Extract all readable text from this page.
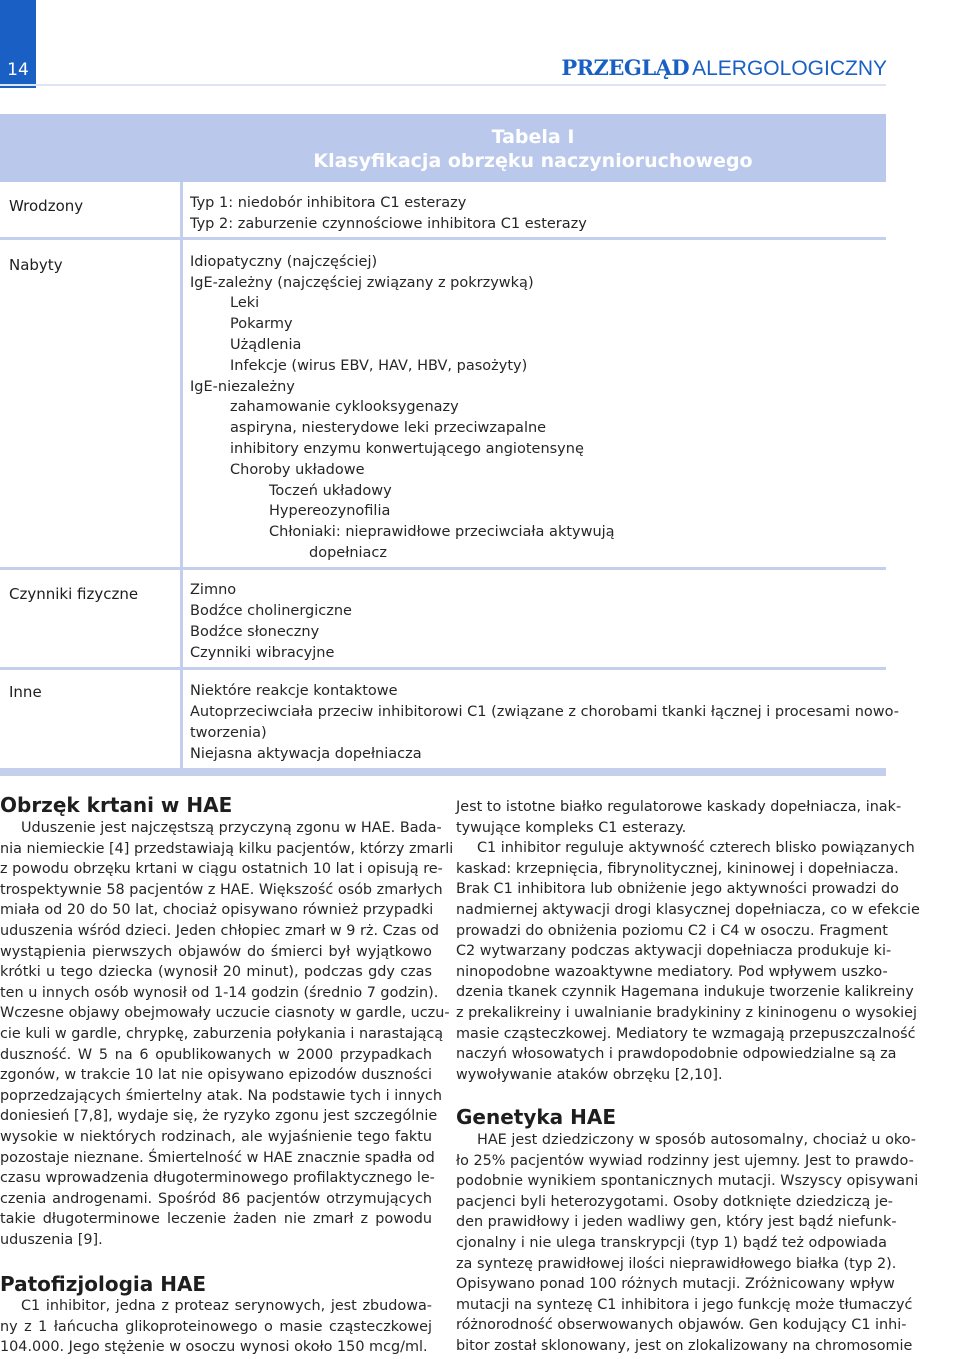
14	PRZEGLĄD ALERGOLOGICZNY
Tabela I
Klasyfikacja obrzęku naczynioruchowego
Wrodzony	Typ 1: niedobór inhibitora C1 esterazy
Typ 2: zaburzenie czynnościowe inhibitora C1 esterazy
Nabyty	Idiopatyczny (najczęściej)
IgE-zależny (najczęściej związany z pokrzywką)
Leki
Pokarmy
Użądlenia
Infekcje (wirus EBV, HAV, HBV, pasożyty)
IgE-niezależny
zahamowanie cyklooksygenazy
aspiryna, niesterydowe leki przeciwzapalne
inhibitory enzymu konwertującego angiotensynę
Choroby układowe
Toczeń układowy
Hypereozynofilia
Chłoniaki: nieprawidłowe przeciwciała aktywują
dopełniacz
Czynniki fizyczne	Zimno
Bodźce cholinergiczne
Bodźce słoneczny
Czynniki wibracyjne
Inne	Niektóre reakcje kontaktowe
Autoprzeciwciała przeciw inhibitorowi C1 (związane z chorobami tkanki łącznej i procesami nowo-
tworzenia)
Niejasna aktywacja dopełniacza
Obrzęk krtani w HAE
Uduszenie jest najczęstszą przyczyną zgonu w HAE. Bada-
nia niemieckie [4] przedstawiają kilku pacjentów, którzy zmarli
z powodu obrzęku krtani w ciągu ostatnich 10 lat i opisują re-
trospektywnie 58 pacjentów z HAE. Większość osób zmarłych
miała od 20 do 50 lat, chociaż opisywano również przypadki
uduszenia wśród dzieci. Jeden chłopiec zmarł w 9 rż. Czas od
wystąpienia pierwszych objawów do śmierci był wyjątkowo
krótki u tego dziecka (wynosił 20 minut), podczas gdy czas
ten u innych osób wynosił od 1-14 godzin (średnio 7 godzin).
Wczesne objawy obejmowały uczucie ciasnoty w gardle, uczu-
cie kuli w gardle, chrypkę, zaburzenia połykania i narastającą
duszność. W 5 na 6 opublikowanych w 2000 przypadkach
zgonów, w trakcie 10 lat nie opisywano epizodów duszności
poprzedzających śmiertelny atak. Na podstawie tych i innych
doniesień [7,8], wydaje się, że ryzyko zgonu jest szczególnie
wysokie w niektórych rodzinach, ale wyjaśnienie tego faktu
pozostaje nieznane. Śmiertelność w HAE znacznie spadła od
czasu wprowadzenia długoterminowego profilaktycznego le-
czenia androgenami. Spośród 86 pacjentów otrzymujących
takie długoterminowe leczenie żaden nie zmarł z powodu
uduszenia [9].
Patofizjologia HAE
C1 inhibitor, jedna z proteaz serynowych, jest zbudowa-
ny z 1 łańcucha glikoproteinowego o masie cząsteczkowej
104.000. Jego stężenie w osoczu wynosi około 150 mcg/ml.
Jest to istotne białko regulatorowe kaskady dopełniacza, inak-
tywujące kompleks C1 esterazy.
C1 inhibitor reguluje aktywność czterech blisko powiązanych
kaskad: krzepnięcia, fibrynolitycznej, kininowej i dopełniacza.
Brak C1 inhibitora lub obniżenie jego aktywności prowadzi do
nadmiernej aktywacji drogi klasycznej dopełniacza, co w efekcie
prowadzi do obniżenia poziomu C2 i C4 w osoczu. Fragment
C2 wytwarzany podczas aktywacji dopełniacza produkuje ki-
ninopodobne wazoaktywne mediatory. Pod wpływem uszko-
dzenia tkanek czynnik Hagemana indukuje tworzenie kalikreiny
z prekalikreiny i uwalnianie bradykininy z kininogenu o wysokiej
masie cząsteczkowej. Mediatory te wzmagają przepuszczalność
naczyń włosowatych i prawdopodobnie odpowiedzialne są za
wywoływanie ataków obrzęku [2,10].
Genetyka HAE
HAE jest dziedziczony w sposób autosomalny, chociaż u oko-
ło 25% pacjentów wywiad rodzinny jest ujemny. Jest to prawdo-
podobnie wynikiem spontanicznych mutacji. Wszyscy opisywani
pacjenci byli heterozygotami. Osoby dotknięte dziedziczą je-
den prawidłowy i jeden wadliwy gen, który jest bądź niefunk-
cjonalny i nie ulega transkrypcji (typ 1) bądź też odpowiada
za syntezę prawidłowej ilości nieprawidłowego białka (typ 2).
Opisywano ponad 100 różnych mutacji. Zróżnicowany wpływ
mutacji na syntezę C1 inhibitora i jego funkcję może tłumaczyć
różnorodność obserwowanych objawów. Gen kodujący C1 inhi-
bitor został sklonowany, jest on zlokalizowany na chromosomie
